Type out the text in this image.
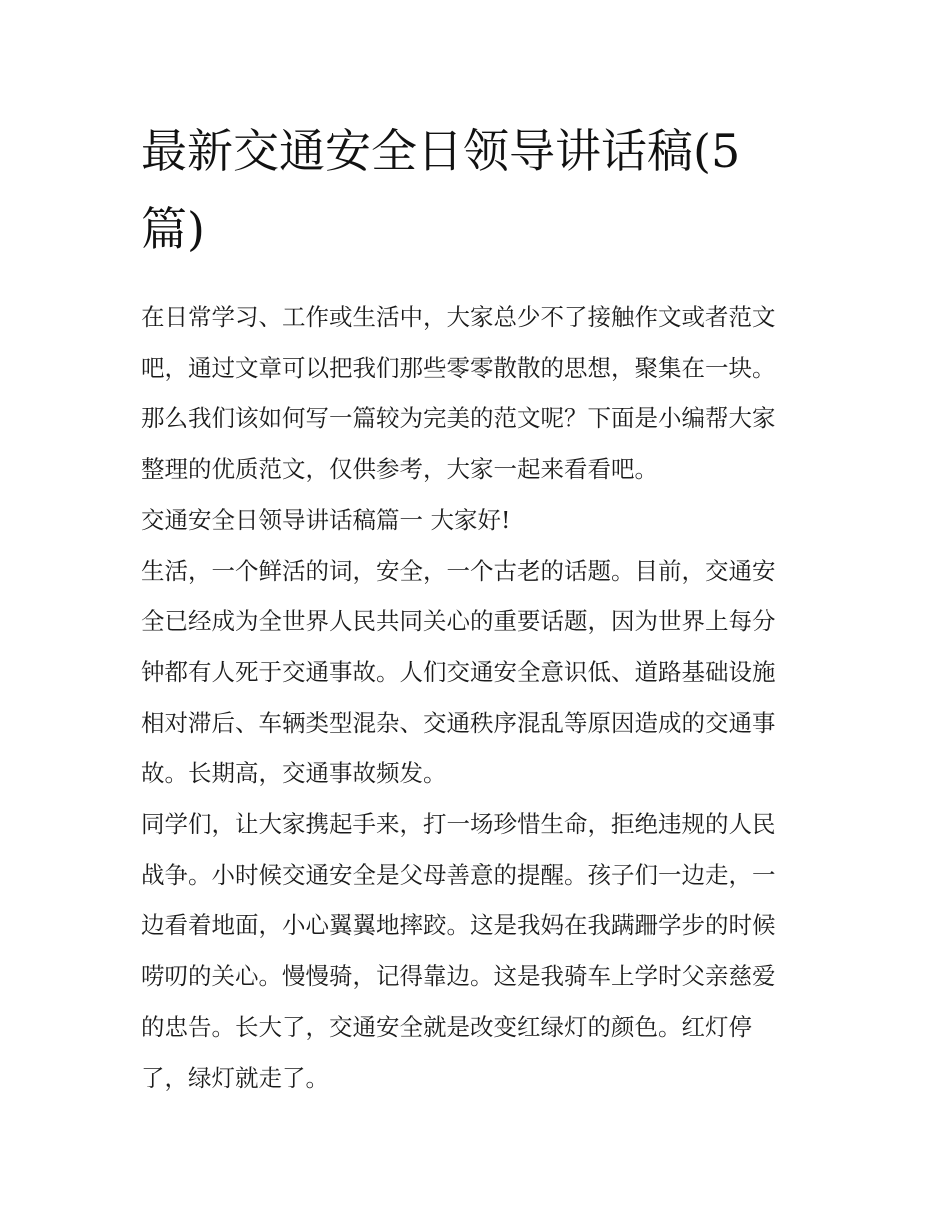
最新交通安全日领导讲话稿(5
篇)

在日常学习、工作或生活中，大家总少不了接触作文或者范文
吧，通过文章可以把我们那些零零散散的思想，聚集在一块。
那么我们该如何写一篇较为完美的范文呢？下面是小编帮大家
整理的优质范文，仅供参考，大家一起来看看吧。

交通安全日领导讲话稿篇一 大家好!

生活，一个鲜活的词，安全，一个古老的话题。目前，交通安
全已经成为全世界人民共同关心的重要话题，因为世界上每分
钟都有人死于交通事故。人们交通安全意识低、道路基础设施
相对滞后、车辆类型混杂、交通秩序混乱等原因造成的交通事
故。长期高，交通事故频发。

同学们，让大家携起手来，打一场珍惜生命，拒绝违规的人民
战争。小时候交通安全是父母善意的提醒。孩子们一边走，一
边看着地面，小心翼翼地摔跤。这是我妈在我蹒跚学步的时候
唠叨的关心。慢慢骑，记得靠边。这是我骑车上学时父亲慈爱
的忠告。长大了，交通安全就是改变红绿灯的颜色。红灯停
了，绿灯就走了。
